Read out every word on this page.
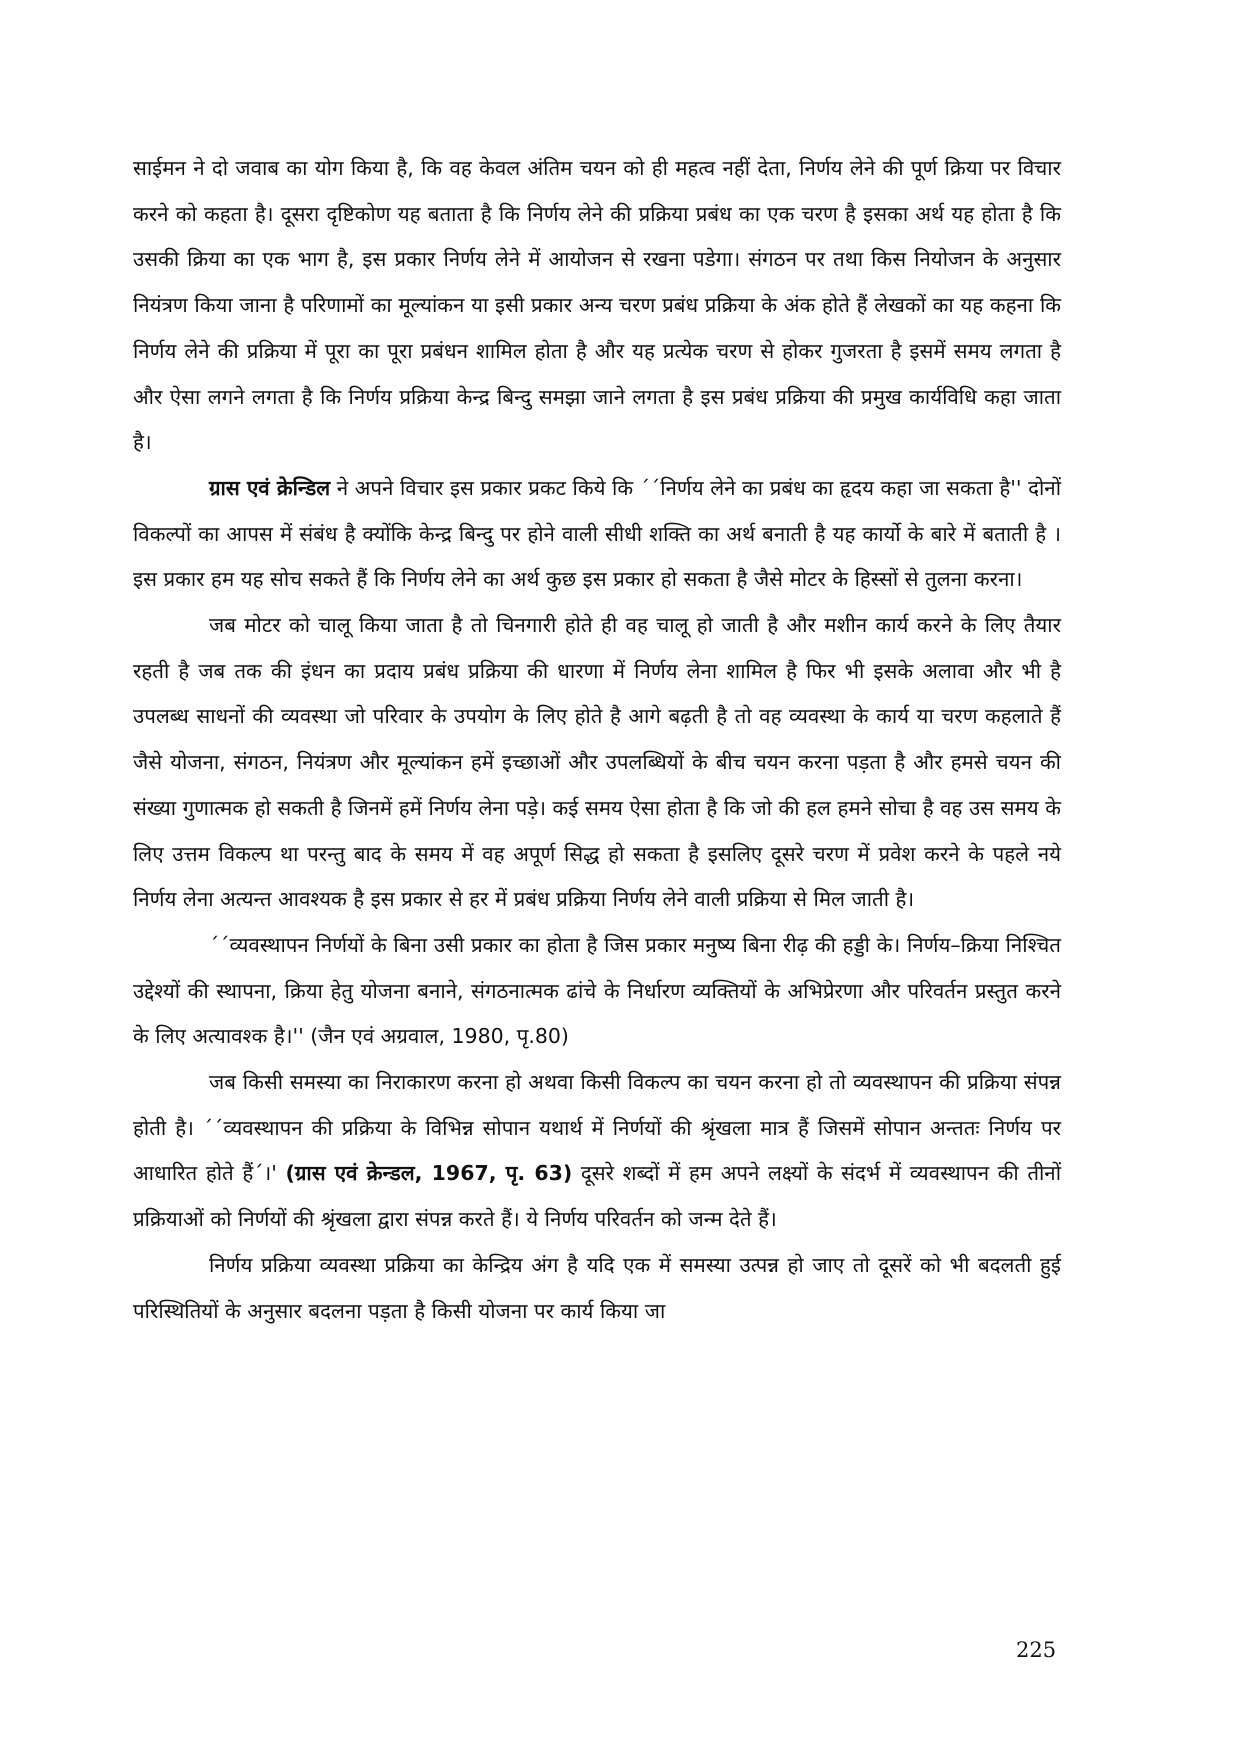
साईमन ने दो जवाब का योग किया है, कि वह केवल अंतिम चयन को ही महत्व नहीं देता, निर्णय लेने की पूर्ण क्रिया पर विचार करने को कहता है। दूसरा दृष्टिकोण यह बताता है कि निर्णय लेने की प्रक्रिया प्रबंध का एक चरण है इसका अर्थ यह होता है कि उसकी क्रिया का एक भाग है, इस प्रकार निर्णय लेने में आयोजन से रखना पडेगा। संगठन पर तथा किस नियोजन के अनुसार नियंत्रण किया जाना है परिणामों का मूल्यांकन या इसी प्रकार अन्य चरण प्रबंध प्रक्रिया के अंक होते हैं लेखकों का यह कहना कि निर्णय लेने की प्रक्रिया में पूरा का पूरा प्रबंधन शामिल होता है और यह प्रत्येक चरण से होकर गुजरता है इसमें समय लगता है और ऐसा लगने लगता है कि निर्णय प्रक्रिया केन्द्र बिन्दु समझा जाने लगता है इस प्रबंध प्रक्रिया की प्रमुख कार्यविधि कहा जाता है।

ग्रास एवं क्रेन्डिल ने अपने विचार इस प्रकार प्रकट किये कि ´´निर्णय लेने का प्रबंध का हृदय कहा जा सकता है'' दोनों विकल्पों का आपस में संबंध है क्योंकि केन्द्र बिन्दु पर होने वाली सीधी शक्ति का अर्थ बनाती है यह कार्यो के बारे में बताती है ।इस प्रकार हम यह सोच सकते हैं कि निर्णय लेने का अर्थ कुछ इस प्रकार हो सकता है जैसे मोटर के हिस्सों से तुलना करना।

जब मोटर को चालू किया जाता है तो चिनगारी होते ही वह चालू हो जाती है और मशीन कार्य करने के लिए तैयार रहती है जब तक की इंधन का प्रदाय प्रबंध प्रक्रिया की धारणा में निर्णय लेना शामिल है फिर भी इसके अलावा और भी है उपलब्ध साधनों की व्यवस्था जो परिवार के उपयोग के लिए होते है आगे बढ़ती है तो वह व्यवस्था के कार्य या चरण कहलाते हैं जैसे योजना, संगठन, नियंत्रण और मूल्यांकन हमें इच्छाओं और उपलब्धियों के बीच चयन करना पड़ता है और हमसे चयन की संख्या गुणात्मक हो सकती है जिनमें हमें निर्णय लेना पड़े। कई समय ऐसा होता है कि जो की हल हमने सोचा है वह उस समय के लिए उत्तम विकल्प था परन्तु बाद के समय में वह अपूर्ण सिद्ध हो सकता है इसलिए दूसरे चरण में प्रवेश करने के पहले नये निर्णय लेना अत्यन्त आवश्यक है इस प्रकार से हर में प्रबंध प्रक्रिया निर्णय लेने वाली प्रक्रिया से मिल जाती है।

´´व्यवस्थापन निर्णयों के बिना उसी प्रकार का होता है जिस प्रकार मनुष्य बिना रीढ़ की हड्डी के। निर्णय–क्रिया निश्चित उद्देश्यों की स्थापना, क्रिया हेतु योजना बनाने, संगठनात्मक ढांचे के निर्धारण व्यक्तियों के अभिप्रेरणा और परिवर्तन प्रस्तुत करने के लिए अत्यावश्क है।'' (जैन एवं अग्रवाल, 1980, पृ.80)

जब किसी समस्या का निराकारण करना हो अथवा किसी विकल्प का चयन करना हो तो व्यवस्थापन की प्रक्रिया संपन्न होती है। ´´व्यवस्थापन की प्रक्रिया के विभिन्न सोपान यथार्थ में निर्णयों की श्रृंखला मात्र हैं जिसमें सोपान अन्ततः निर्णय पर आधारित होते हैं´।' (ग्रास एवं क्रेन्डल, 1967, पृ. 63) दूसरे शब्दों में हम अपने लक्ष्यों के संदर्भ में व्यवस्थापन की तीनों प्रक्रियाओं को निर्णयों की श्रृंखला द्वारा संपन्न करते हैं। ये निर्णय परिवर्तन को जन्म देते हैं।

निर्णय प्रक्रिया व्यवस्था प्रक्रिया का केन्द्रिय अंग है यदि एक में समस्या उत्पन्न हो जाए तो दूसरें को भी बदलती हुई परिस्थितियों के अनुसार बदलना पड़ता है किसी योजना पर कार्य किया जा

225
